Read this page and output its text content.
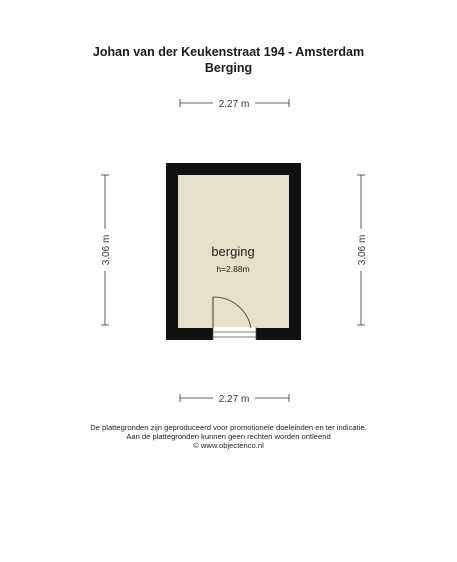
Johan van der Keukenstraat 194 - Amsterdam
Berging
2.27 m
3.06 m	3.06 m
berging
h=2.88m
2.27 m
De plattegronden zijn geproduceerd voor promotionele doeleinden en ter indicatie.
Aan de plattegronden kunnen geen rechten worden ontleend
© www.objectenco.nl
